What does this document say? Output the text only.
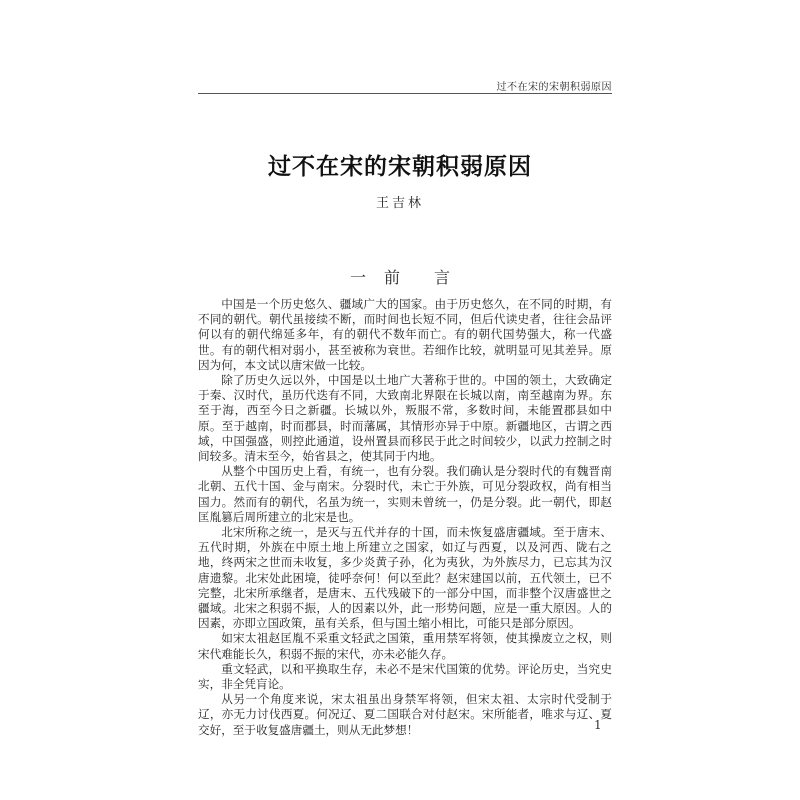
过不在宋的宋朝积弱原因
过不在宋的宋朝积弱原因
王吉林
一 前 言

中国是一个历史悠久、疆域广大的国家。由于历史悠久，在不同的时期，有不同的朝代。朝代虽接续不断，而时间也长短不同，但后代读史者，往往会品评何以有的朝代绵延多年，有的朝代不数年而亡。有的朝代国势强大，称一代盛世。有的朝代相对弱小，甚至被称为衰世。若细作比较，就明显可见其差异。原因为何，本文试以唐宋做一比较。

除了历史久远以外，中国是以土地广大著称于世的。中国的领土，大致确定于秦、汉时代，虽历代迭有不同，大致南北界限在长城以南，南至越南为界。东至于海，西至今日之新疆。长城以外，叛服不常，多数时间，未能置郡县如中原。至于越南，时而郡县，时而藩属，其情形亦异于中原。新疆地区，古谓之西域，中国强盛，则控此通道，设州置县而移民于此之时间较少，以武力控制之时间较多。清末至今，始省县之，使其同于内地。

从整个中国历史上看，有统一，也有分裂。我们确认是分裂时代的有魏晋南北朝、五代十国、金与南宋。分裂时代，未亡于外族，可见分裂政权，尚有相当国力。然而有的朝代，名虽为统一，实则未曾统一，仍是分裂。此一朝代，即赵匡胤篡后周所建立的北宋是也。

北宋所称之统一，是灭与五代并存的十国，而未恢复盛唐疆域。至于唐末、五代时期，外族在中原土地上所建立之国家，如辽与西夏，以及河西、陇右之地，终两宋之世而未收复，多少炎黄子孙，化为夷狄，为外族尽力，已忘其为汉唐遗黎。北宋处此困境，徒呼奈何！何以至此？赵宋建国以前，五代领土，已不完整，北宋所承继者，是唐末、五代残破下的一部分中国，而非整个汉唐盛世之疆域。北宋之积弱不振，人的因素以外，此一形势问题，应是一重大原因。人的因素，亦即立国政策，虽有关系，但与国土缩小相比，可能只是部分原因。

如宋太祖赵匡胤不采重文轻武之国策，重用禁军将领，使其操废立之权，则宋代难能长久，积弱不振的宋代，亦未必能久存。

重文轻武，以和平换取生存，未必不是宋代国策的优势。评论历史，当究史实，非全凭肓论。

从另一个角度来说，宋太祖虽出身禁军将领，但宋太祖、太宗时代受制于辽，亦无力讨伐西夏。何况辽、夏二国联合对付赵宋。宋所能者，唯求与辽、夏交好，至于收复盛唐疆土，则从无此梦想！	1
